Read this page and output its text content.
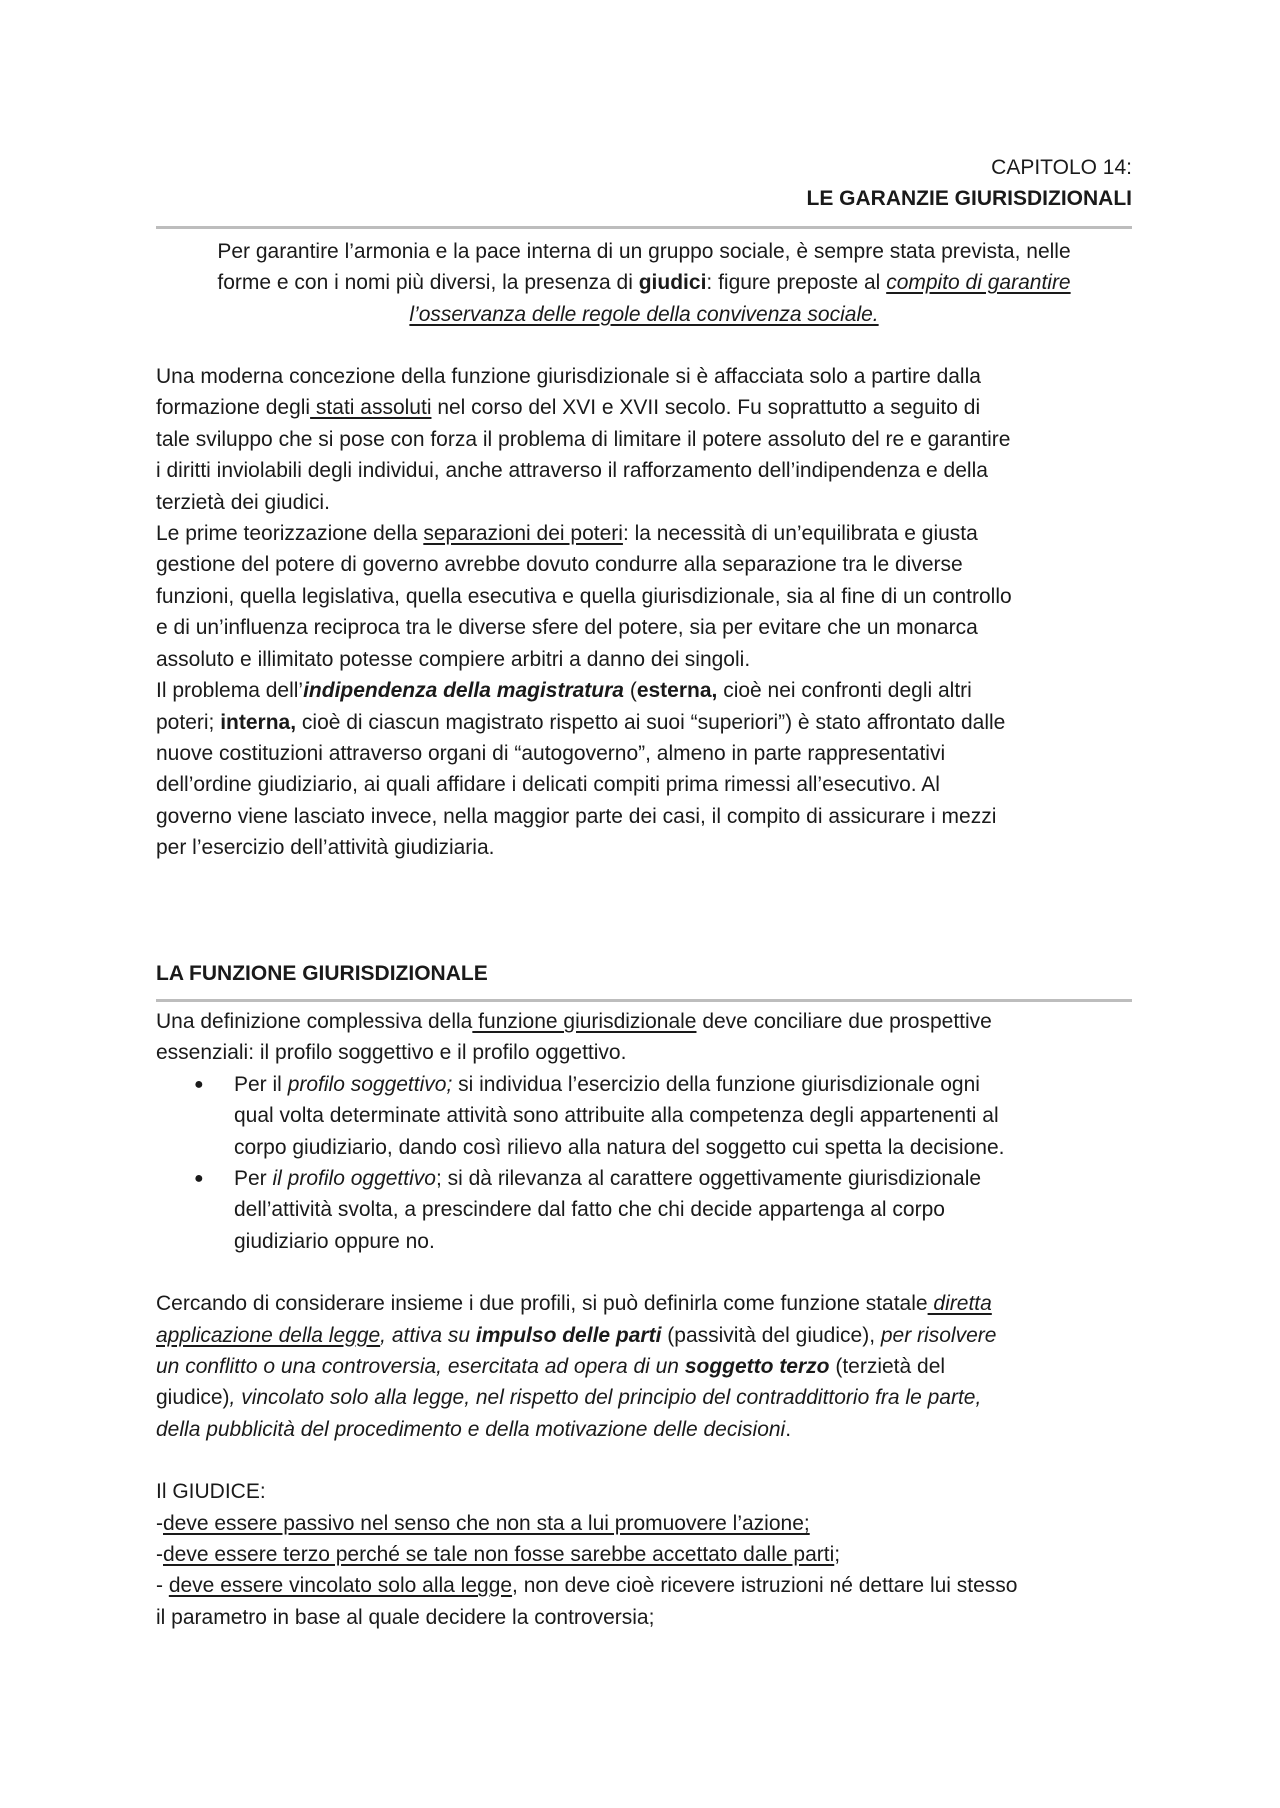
CAPITOLO 14:
LE GARANZIE GIURISDIZIONALI
Per garantire l’armonia e la pace interna di un gruppo sociale, è sempre stata prevista, nelle
forme e con i nomi più diversi, la presenza di giudici: figure preposte al compito di garantire
l’osservanza delle regole della convivenza sociale.

Una moderna concezione della funzione giurisdizionale si è affacciata solo a partire dalla
formazione degli stati assoluti nel corso del XVI e XVII secolo. Fu soprattutto a seguito di
tale sviluppo che si pose con forza il problema di limitare il potere assoluto del re e garantire
i diritti inviolabili degli individui, anche attraverso il rafforzamento dell’indipendenza e della
terzietà dei giudici.

Le prime teorizzazione della separazioni dei poteri: la necessità di un’equilibrata e giusta
gestione del potere di governo avrebbe dovuto condurre alla separazione tra le diverse
funzioni, quella legislativa, quella esecutiva e quella giurisdizionale, sia al fine di un controllo
e di un’influenza reciproca tra le diverse sfere del potere, sia per evitare che un monarca
assoluto e illimitato potesse compiere arbitri a danno dei singoli.

Il problema dell’indipendenza della magistratura (esterna, cioè nei confronti degli altri
poteri; interna, cioè di ciascun magistrato rispetto ai suoi “superiori”) è stato affrontato dalle
nuove costituzioni attraverso organi di “autogoverno”, almeno in parte rappresentativi
dell’ordine giudiziario, ai quali affidare i delicati compiti prima rimessi all’esecutivo. Al
governo viene lasciato invece, nella maggior parte dei casi, il compito di assicurare i mezzi
per l’esercizio dell’attività giudiziaria.

LA FUNZIONE GIURISDIZIONALE

Una definizione complessiva della funzione giurisdizionale deve conciliare due prospettive
essenziali: il profilo soggettivo e il profilo oggettivo.

● Per il profilo soggettivo; si individua l’esercizio della funzione giurisdizionale ogni
qual volta determinate attività sono attribuite alla competenza degli appartenenti al
corpo giudiziario, dando così rilievo alla natura del soggetto cui spetta la decisione.
● Per il profilo oggettivo; si dà rilevanza al carattere oggettivamente giurisdizionale
dell’attività svolta, a prescindere dal fatto che chi decide appartenga al corpo
giudiziario oppure no.

Cercando di considerare insieme i due profili, si può definirla come funzione statale diretta
applicazione della legge, attiva su impulso delle parti (passività del giudice), per risolvere
un conflitto o una controversia, esercitata ad opera di un soggetto terzo (terzietà del
giudice), vincolato solo alla legge, nel rispetto del principio del contraddittorio fra le parte,
della pubblicità del procedimento e della motivazione delle decisioni.

Il GIUDICE:
-deve essere passivo nel senso che non sta a lui promuovere l’azione;
-deve essere terzo perché se tale non fosse sarebbe accettato dalle parti;
- deve essere vincolato solo alla legge, non deve cioè ricevere istruzioni né dettare lui stesso
il parametro in base al quale decidere la controversia;
